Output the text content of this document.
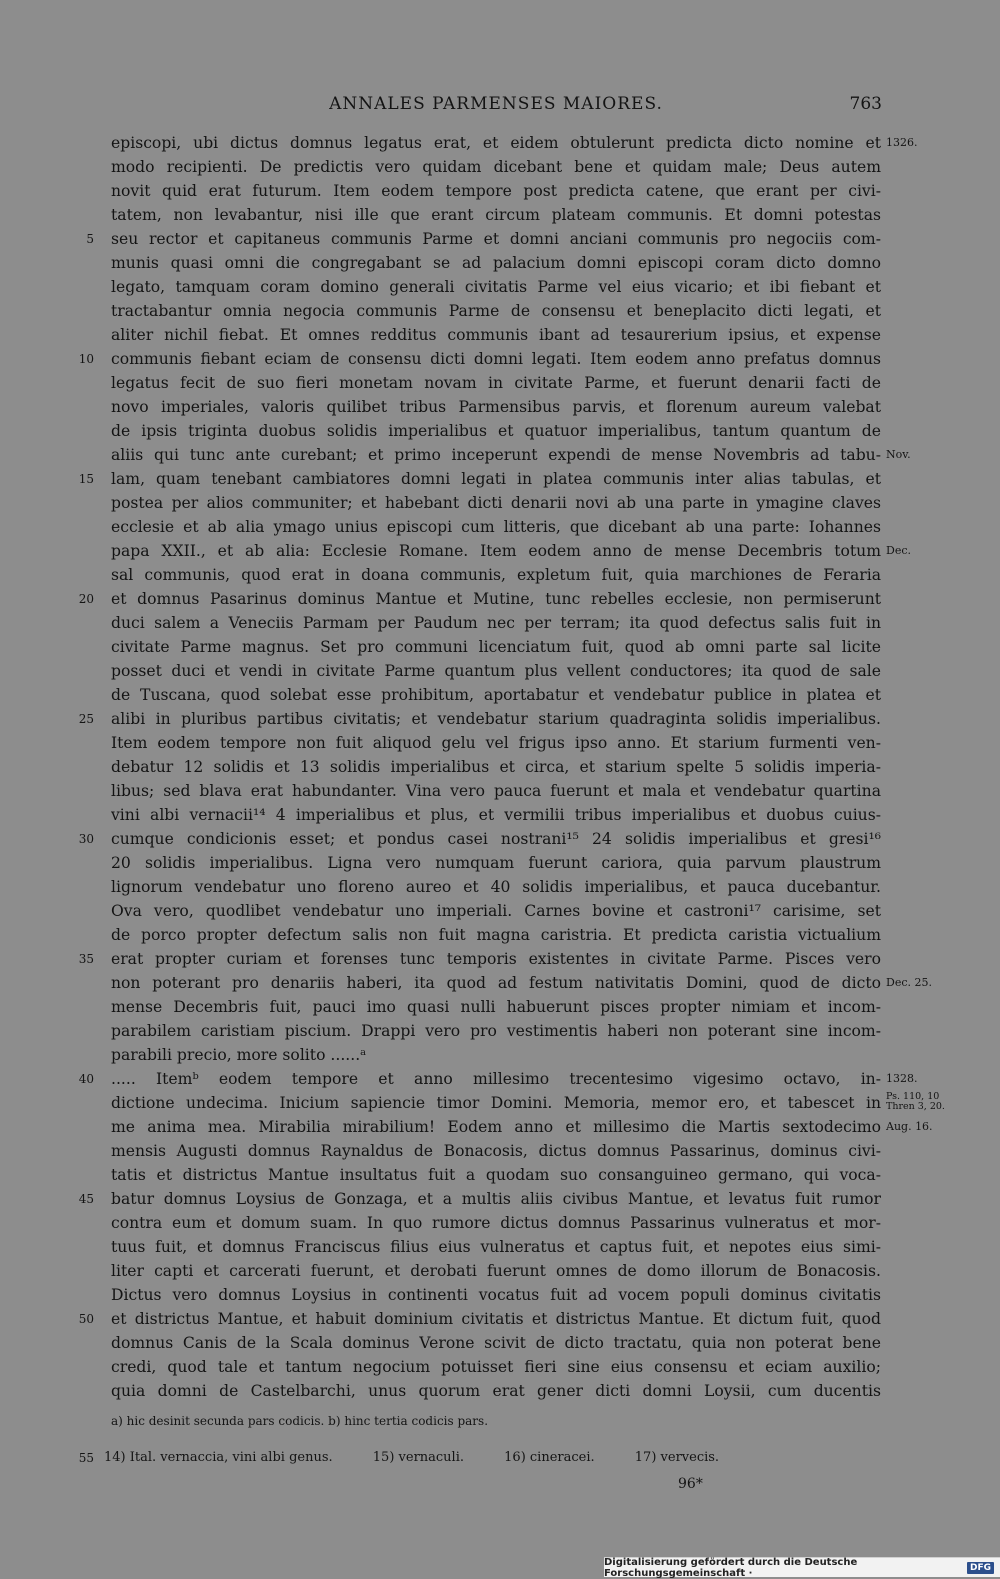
ANNALES PARMENSES MAIORES.	763
episcopi, ubi dictus domnus legatus erat, et eidem obtulerunt predicta dicto nomine et 1326.
modo recipienti. De predictis vero quidam dicebant bene et quidam male; Deus autem
novit quid erat futurum. Item eodem tempore post predicta catene, que erant per civi-
tatem, non levabantur, nisi ille que erant circum plateam communis. Et domni potestas
5 seu rector et capitaneus communis Parme et domni anciani communis pro negociis com-
munis quasi omni die congregabant se ad palacium domni episcopi coram dicto domno
legato, tamquam coram domino generali civitatis Parme vel eius vicario; et ibi fiebant et
tractabantur omnia negocia communis Parme de consensu et beneplacito dicti legati, et
aliter nichil fiebat. Et omnes redditus communis ibant ad tesaurerium ipsius, et expense
10 communis fiebant eciam de consensu dicti domni legati. Item eodem anno prefatus domnus
legatus fecit de suo fieri monetam novam in civitate Parme, et fuerunt denarii facti de
novo imperiales, valoris quilibet tribus Parmensibus parvis, et florenum aureum valebat
de ipsis triginta duobus solidis imperialibus et quatuor imperialibus, tantum quantum de
aliis qui tunc ante curebant; et primo inceperunt expendi de mense Novembris ad tabu- Nov.
15 lam, quam tenebant cambiatores domni legati in platea communis inter alias tabulas, et
postea per alios communiter; et habebant dicti denarii novi ab una parte in ymagine claves
ecclesie et ab alia ymago unius episcopi cum litteris, que dicebant ab una parte: Iohannes
papa XXII., et ab alia: Ecclesie Romane. Item eodem anno de mense Decembris totum Dec.
sal communis, quod erat in doana communis, expletum fuit, quia marchiones de Feraria
20 et domnus Pasarinus dominus Mantue et Mutine, tunc rebelles ecclesie, non permiserunt
duci salem a Veneciis Parmam per Paudum nec per terram; ita quod defectus salis fuit in
civitate Parme magnus. Set pro communi licenciatum fuit, quod ab omni parte sal licite
posset duci et vendi in civitate Parme quantum plus vellent conductores; ita quod de sale
de Tuscana, quod solebat esse prohibitum, aportabatur et vendebatur publice in platea et
25 alibi in pluribus partibus civitatis; et vendebatur starium quadraginta solidis imperialibus.
Item eodem tempore non fuit aliquod gelu vel frigus ipso anno. Et starium furmenti ven-
debatur 12 solidis et 13 solidis imperialibus et circa, et starium spelte 5 solidis imperia-
libus; sed blava erat habundanter. Vina vero pauca fuerunt et mala et vendebatur quartina
vini albi vernacii¹⁴ 4 imperialibus et plus, et vermilii tribus imperialibus et duobus cuius-
30 cumque condicionis esset; et pondus casei nostrani¹⁵ 24 solidis imperialibus et gresi¹⁶
20 solidis imperialibus. Ligna vero numquam fuerunt cariora, quia parvum plaustrum
lignorum vendebatur uno floreno aureo et 40 solidis imperialibus, et pauca ducebantur.
Ova vero, quodlibet vendebatur uno imperiali. Carnes bovine et castroni¹⁷ carisime, set
de porco propter defectum salis non fuit magna caristria. Et predicta caristia victualium
35 erat propter curiam et forenses tunc temporis existentes in civitate Parme. Pisces vero
non poterant pro denariis haberi, ita quod ad festum nativitatis Domini, quod de dicto Dec. 25.
mense Decembris fuit, pauci imo quasi nulli habuerunt pisces propter nimiam et incom-
parabilem caristiam piscium. Drappi vero pro vestimentis haberi non poterant sine incom-
parabili precio, more solito ......ᵃ
40 ..... Itemᵇ eodem tempore et anno millesimo trecentesimo vigesimo octavo, in- 1328.
dictione undecima. Inicium sapiencie timor Domini. Memoria, memor ero, et tabescet in Ps. 110, 10
Thren 3, 20.
me anima mea. Mirabilia mirabilium! Eodem anno et millesimo die Martis sextodecimo Aug. 16.
mensis Augusti domnus Raynaldus de Bonacosis, dictus domnus Passarinus, dominus civi-
tatis et districtus Mantue insultatus fuit a quodam suo consanguineo germano, qui voca-
45 batur domnus Loysius de Gonzaga, et a multis aliis civibus Mantue, et levatus fuit rumor
contra eum et domum suam. In quo rumore dictus domnus Passarinus vulneratus et mor-
tuus fuit, et domnus Franciscus filius eius vulneratus et captus fuit, et nepotes eius simi-
liter capti et carcerati fuerunt, et derobati fuerunt omnes de domo illorum de Bonacosis.
Dictus vero domnus Loysius in continenti vocatus fuit ad vocem populi dominus civitatis
50 et districtus Mantue, et habuit dominium civitatis et districtus Mantue. Et dictum fuit, quod
domnus Canis de la Scala dominus Verone scivit de dicto tractatu, quia non poterat bene
credi, quod tale et tantum negocium potuisset fieri sine eius consensu et eciam auxilio;
quia domni de Castelbarchi, unus quorum erat gener dicti domni Loysii, cum ducentis
a) hic desinit secunda pars codicis. b) hinc tertia codicis pars.
55 14) Ital. vernaccia, vini albi genus.	15) vernaculi.	16) cineracei.	17) vervecis.
96*
Digitalisierung gefördert durch die Deutsche Forschungsgemeinschaft ·	DFG
